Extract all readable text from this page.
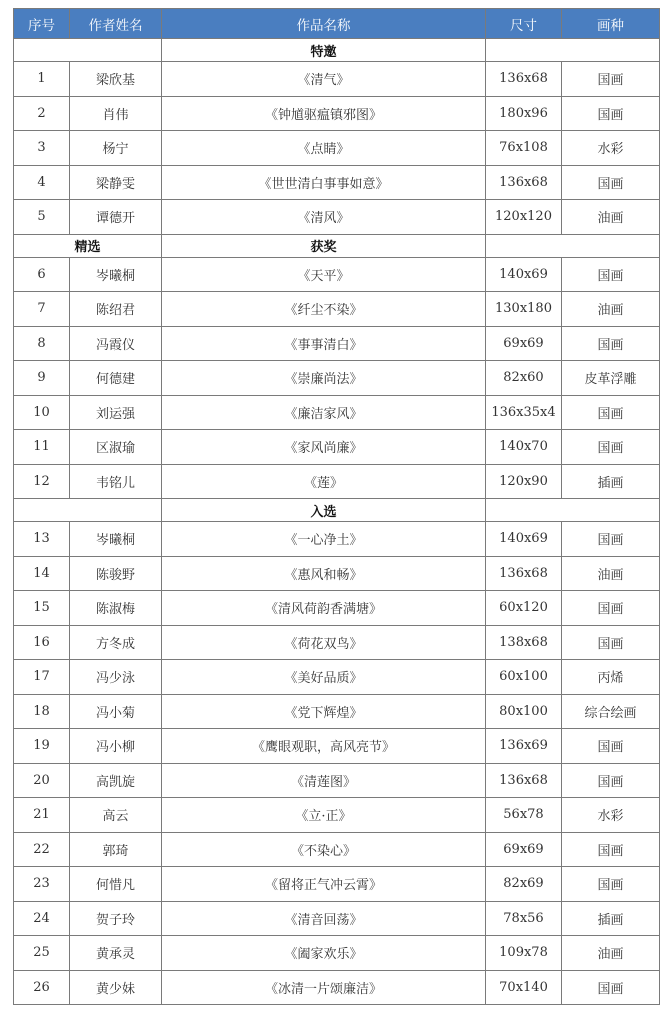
序号	作者姓名	作品名称	尺寸	画种
		特邀		
1	梁欣基	《清气》	136x68	国画
2	肖伟	《钟馗驱瘟镇邪图》	180x96	国画
3	杨宁	《点睛》	76x108	水彩
4	梁静雯	《世世清白事事如意》	136x68	国画
5	谭德开	《清风》	120x120	油画
精选		获奖		
6	岑曦桐	《天平》	140x69	国画
7	陈绍君	《纤尘不染》	130x180	油画
8	冯霞仪	《事事清白》	69x69	国画
9	何德建	《崇廉尚法》	82x60	皮革浮雕
10	刘运强	《廉洁家风》	136x35x4	国画
11	区淑瑜	《家风尚廉》	140x70	国画
12	韦铭儿	《莲》	120x90	插画
		入选		
13	岑曦桐	《一心净土》	140x69	国画
14	陈骏野	《惠风和畅》	136x68	油画
15	陈淑梅	《清风荷韵香满塘》	60x120	国画
16	方冬成	《荷花双鸟》	138x68	国画
17	冯少泳	《美好品质》	60x100	丙烯
18	冯小菊	《党下辉煌》	80x100	综合绘画
19	冯小柳	《鹰眼观职，高风亮节》	136x69	国画
20	高凯旋	《清莲图》	136x68	国画
21	高云	《立·正》	56x78	水彩
22	郭琦	《不染心》	69x69	国画
23	何惜凡	《留将正气冲云霄》	82x69	国画
24	贺子玲	《清音回荡》	78x56	插画
25	黄承灵	《阖家欢乐》	109x78	油画
26	黄少妹	《冰清一片颂廉洁》	70x140	国画
